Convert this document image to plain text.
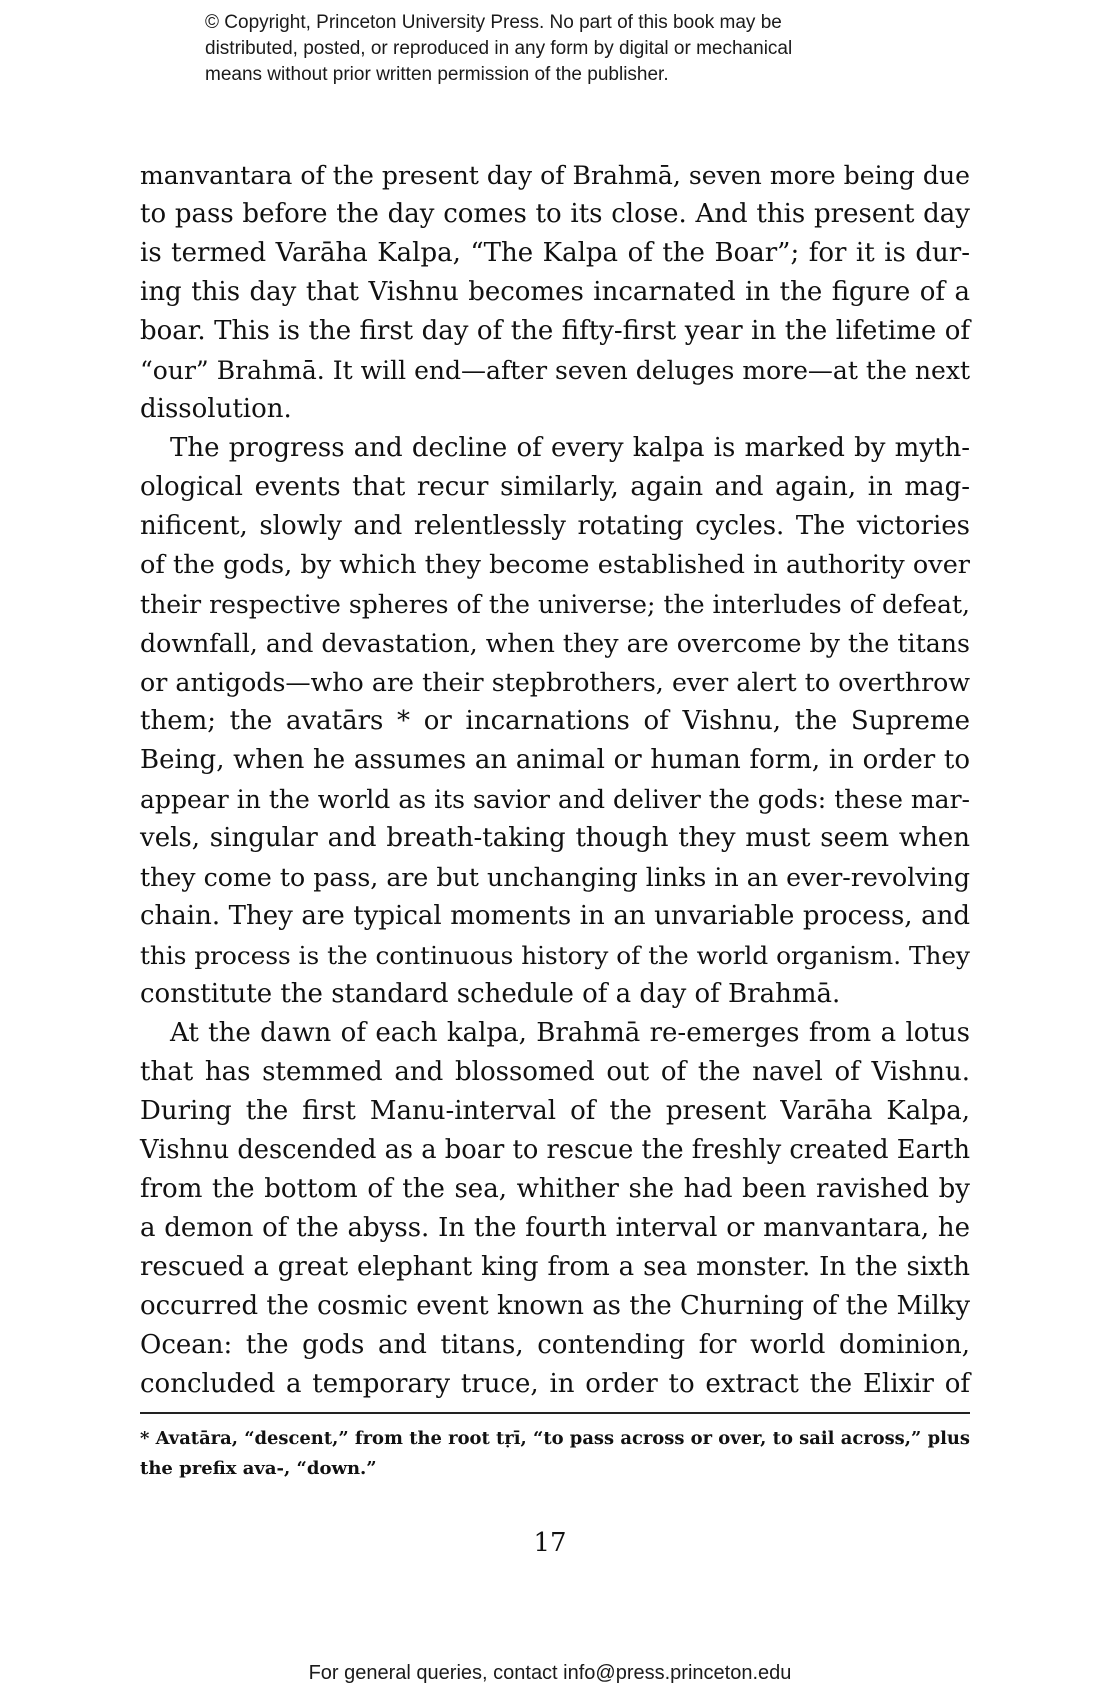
© Copyright, Princeton University Press. No part of this book may be
distributed, posted, or reproduced in any form by digital or mechanical
means without prior written permission of the publisher.
manvantara of the present day of Brahmā, seven more being due
to pass before the day comes to its close. And this present day
is termed Varāha Kalpa, “The Kalpa of the Boar”; for it is dur-
ing this day that Vishnu becomes incarnated in the figure of a
boar. This is the first day of the fifty-first year in the lifetime of
“our” Brahmā. It will end—after seven deluges more—at the next
dissolution.
The progress and decline of every kalpa is marked by myth-
ological events that recur similarly, again and again, in mag-
nificent, slowly and relentlessly rotating cycles. The victories
of the gods, by which they become established in authority over
their respective spheres of the universe; the interludes of defeat,
downfall, and devastation, when they are overcome by the titans
or antigods—who are their stepbrothers, ever alert to overthrow
them; the avatārs * or incarnations of Vishnu, the Supreme
Being, when he assumes an animal or human form, in order to
appear in the world as its savior and deliver the gods: these mar-
vels, singular and breath-taking though they must seem when
they come to pass, are but unchanging links in an ever-revolving
chain. They are typical moments in an unvariable process, and
this process is the continuous history of the world organism. They
constitute the standard schedule of a day of Brahmā.
At the dawn of each kalpa, Brahmā re-emerges from a lotus
that has stemmed and blossomed out of the navel of Vishnu.
During the first Manu-interval of the present Varāha Kalpa,
Vishnu descended as a boar to rescue the freshly created Earth
from the bottom of the sea, whither she had been ravished by
a demon of the abyss. In the fourth interval or manvantara, he
rescued a great elephant king from a sea monster. In the sixth
occurred the cosmic event known as the Churning of the Milky
Ocean: the gods and titans, contending for world dominion,
concluded a temporary truce, in order to extract the Elixir of
* Avatāra, “descent,” from the root tṛī, “to pass across or over, to sail across,” plus
the prefix ava-, “down.”
17
For general queries, contact info@press.princeton.edu
